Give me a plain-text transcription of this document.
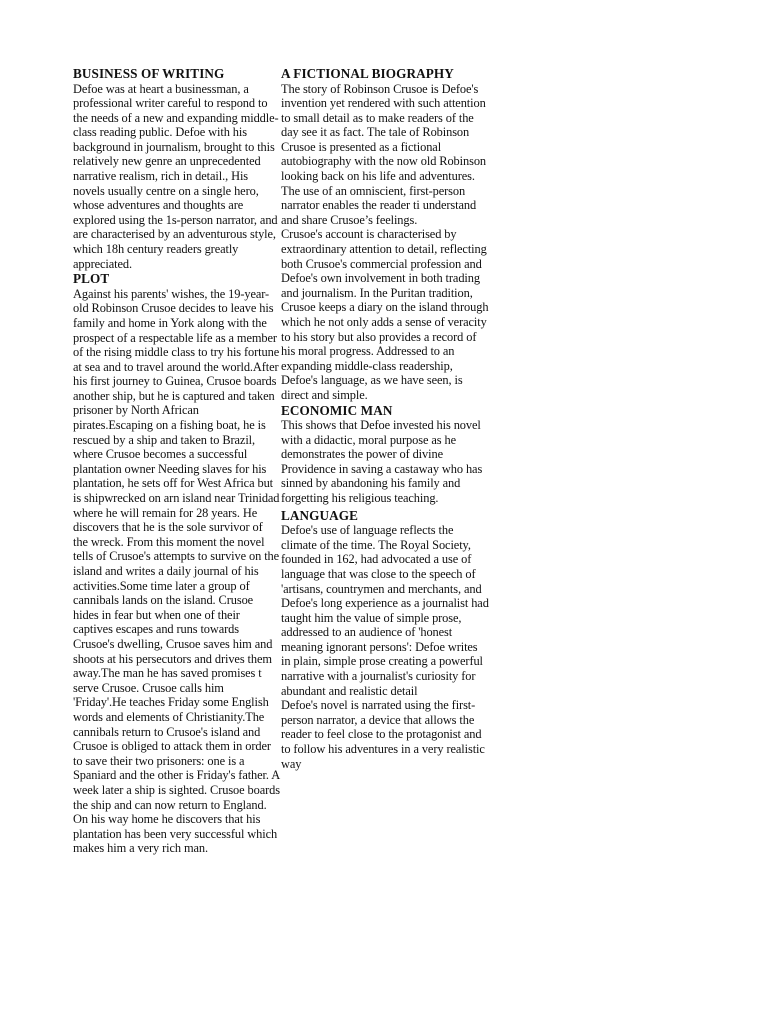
BUSINESS OF WRITING

Defoe was at heart a businessman, a professional writer careful to respond to the needs of a new and expanding middle-class reading public. Defoe with his background in journalism, brought to this relatively new genre an unprecedented narrative realism, rich in detail., His novels usually centre on a single hero, whose adventures and thoughts are explored using the 1s-person narrator, and are characterised by an adventurous style, which 18h century readers greatly appreciated.

PLOT

Against his parents' wishes, the 19-year-old Robinson Crusoe decides to leave his family and home in York along with the prospect of a respectable life as a member of the rising middle class to try his fortune at sea and to travel around the world.After his first journey to Guinea, Crusoe boards another ship, but he is captured and taken prisoner by North African pirates.Escaping on a fishing boat, he is rescued by a ship and taken to Brazil, where Crusoe becomes a successful plantation owner Needing slaves for his plantation, he sets off for West Africa but is shipwrecked on arn island near Trinidad where he will remain for 28 years. He discovers that he is the sole survivor of the wreck. From this moment the novel tells of Crusoe's attempts to survive on the island and writes a daily journal of his activities.Some time later a group of cannibals lands on the island. Crusoe hides in fear but when one of their captives escapes and runs towards Crusoe's dwelling, Crusoe saves him and shoots at his persecutors and drives them away.The man he has saved promises t serve Crusoe. Crusoe calls him 'Friday'.He teaches Friday some English words and elements of Christianity.The cannibals return to Crusoe's island and Crusoe is obliged to attack them in order to save their two prisoners: one is a Spaniard and the other is Friday's father. A week later a ship is sighted. Crusoe boards the ship and can now return to England. On his way home he discovers that his plantation has been very successful which makes him a very rich man.

A FICTIONAL BIOGRAPHY

The story of Robinson Crusoe is Defoe's invention yet rendered with such attention to small detail as to make readers of the day see it as fact. The tale of Robinson Crusoe is presented as a fictional autobiography with the now old Robinson looking back on his life and adventures. The use of an omniscient, first-person narrator enables the reader ti understand and share Crusoe’s feelings.

Crusoe's account is characterised by extraordinary attention to detail, reflecting both Crusoe's commercial profession and Defoe's own involvement in both trading and journalism. In the Puritan tradition, Crusoe keeps a diary on the island through which he not only adds a sense of veracity to his story but also provides a record of his moral progress. Addressed to an expanding middle-class readership, Defoe's language, as we have seen, is direct and simple.

ECONOMIC MAN

This shows that Defoe invested his novel with a didactic, moral purpose as he demonstrates the power of divine Providence in saving a castaway who has sinned by abandoning his family and forgetting his religious teaching.

LANGUAGE

Defoe's use of language reflects the climate of the time. The Royal Society, founded in 162, had advocated a use of language that was close to the speech of 'artisans, countrymen and merchants, and Defoe's long experience as a journalist had taught him the value of simple prose, addressed to an audience of 'honest meaning ignorant persons': Defoe writes in plain, simple prose creating a powerful narrative with a journalist's curiosity for abundant and realistic detail

Defoe's novel is narrated using the first-person narrator, a device that allows the reader to feel close to the protagonist and to follow his adventures in a very realistic way
